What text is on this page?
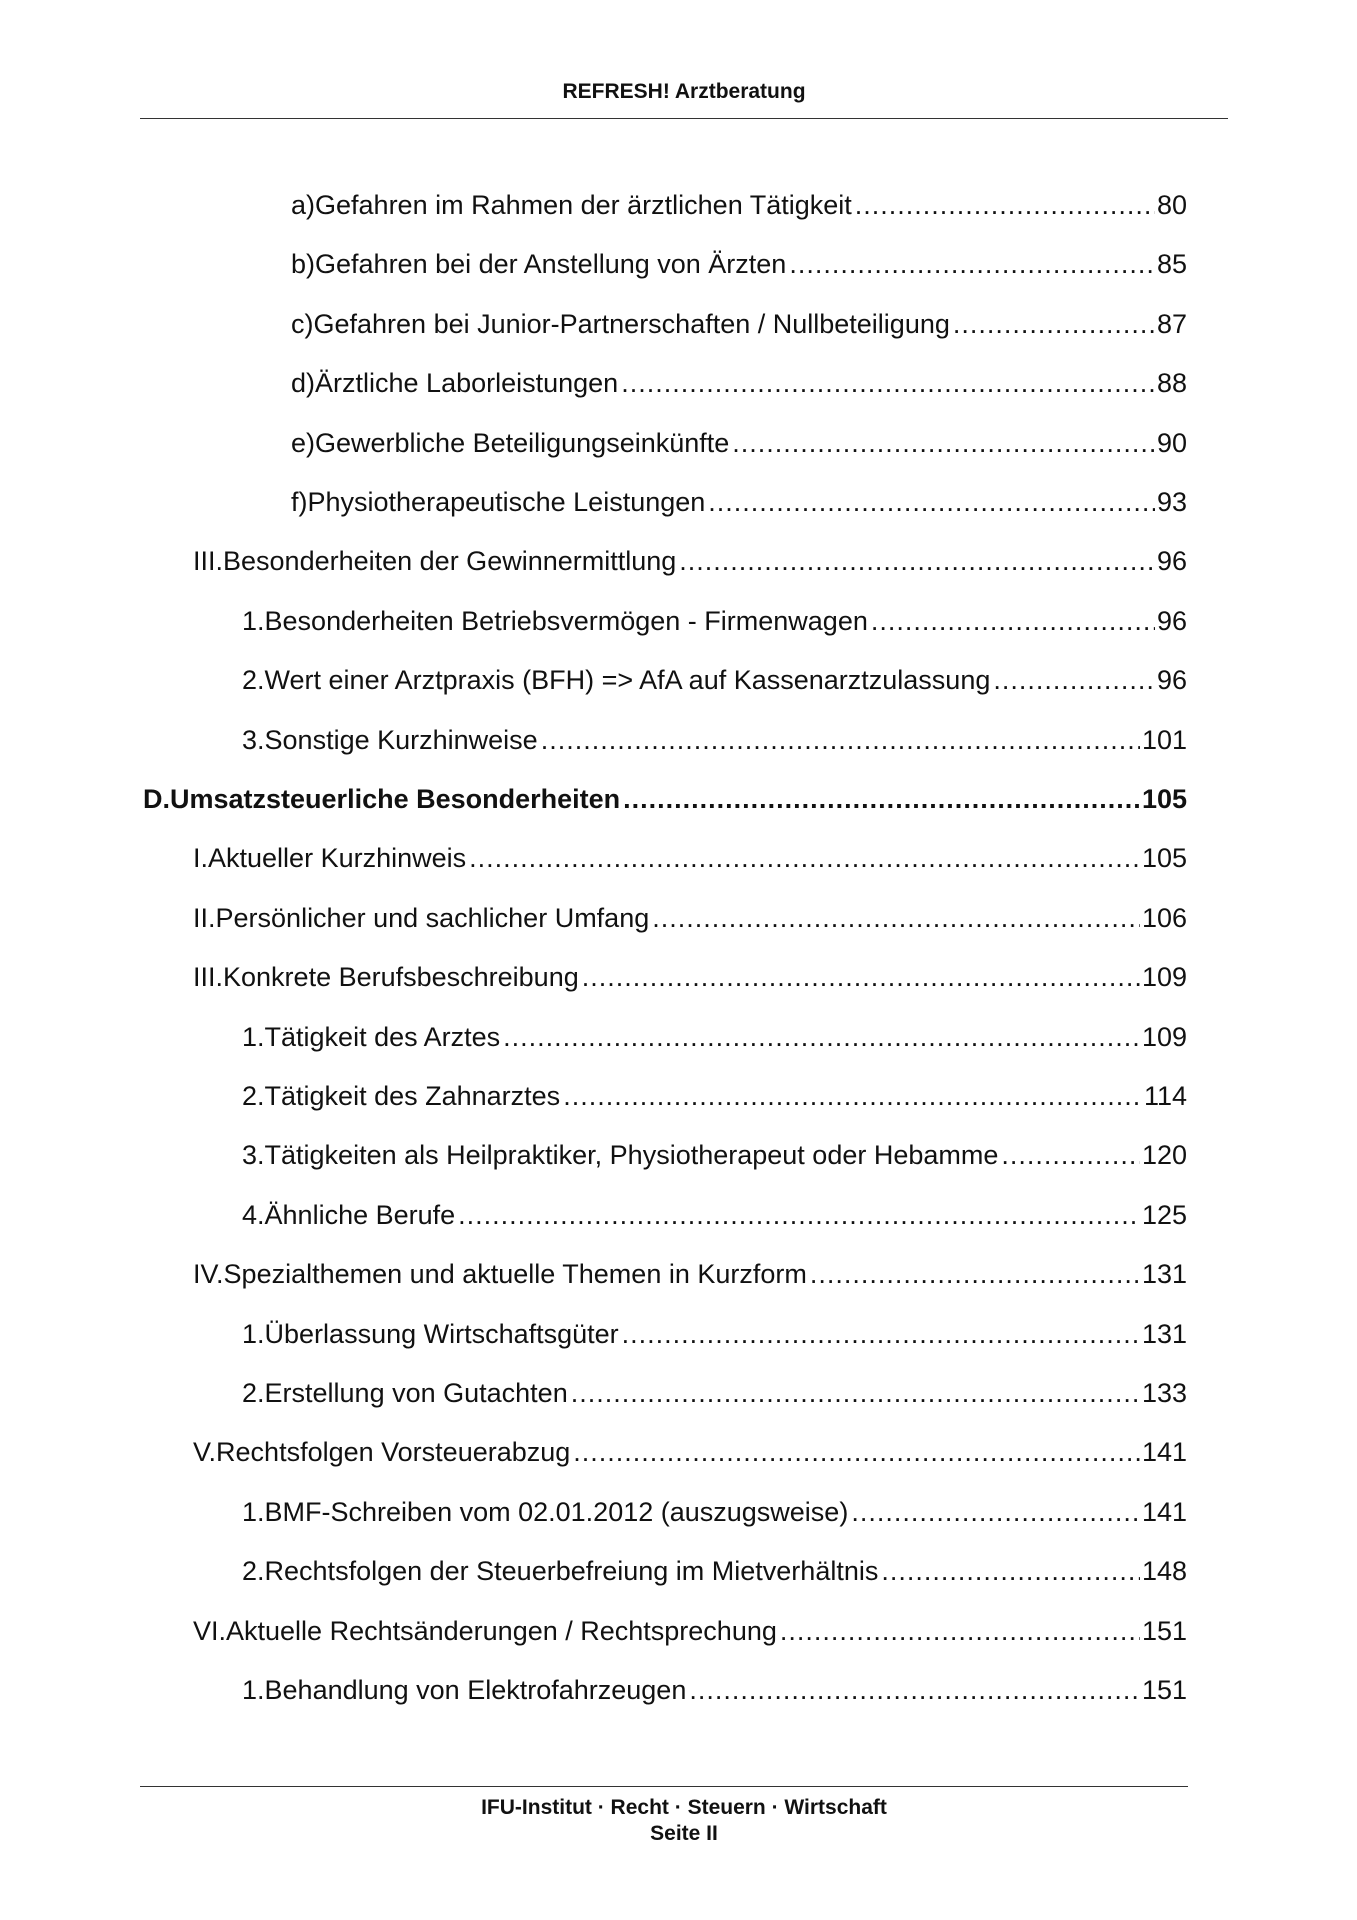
REFRESH! Arztberatung
a) Gefahren im Rahmen der ärztlichen Tätigkeit .....	80
b) Gefahren bei der Anstellung von Ärzten .....	85
c) Gefahren bei Junior-Partnerschaften / Nullbeteiligung .....	87
d) Ärztliche Laborleistungen .....	88
e) Gewerbliche Beteiligungseinkünfte .....	90
f) Physiotherapeutische Leistungen .....	93
III. Besonderheiten der Gewinnermittlung .....	96
1. Besonderheiten Betriebsvermögen - Firmenwagen .....	96
2. Wert einer Arztpraxis (BFH) => AfA auf Kassenarztzulassung .....	96
3. Sonstige Kurzhinweise .....	101
D. Umsatzsteuerliche Besonderheiten .....	105
I. Aktueller Kurzhinweis .....	105
II. Persönlicher und sachlicher Umfang .....	106
III. Konkrete Berufsbeschreibung .....	109
1. Tätigkeit des Arztes .....	109
2. Tätigkeit des Zahnarztes .....	114
3. Tätigkeiten als Heilpraktiker, Physiotherapeut oder Hebamme .....	120
4. Ähnliche Berufe .....	125
IV. Spezialthemen und aktuelle Themen in Kurzform .....	131
1. Überlassung Wirtschaftsgüter .....	131
2. Erstellung von Gutachten .....	133
V. Rechtsfolgen Vorsteuerabzug .....	141
1. BMF-Schreiben vom 02.01.2012 (auszugsweise) .....	141
2. Rechtsfolgen der Steuerbefreiung im Mietverhältnis .....	148
VI. Aktuelle Rechtsänderungen / Rechtsprechung .....	151
1. Behandlung von Elektrofahrzeugen .....	151
IFU-Institut · Recht · Steuern · Wirtschaft
Seite II
